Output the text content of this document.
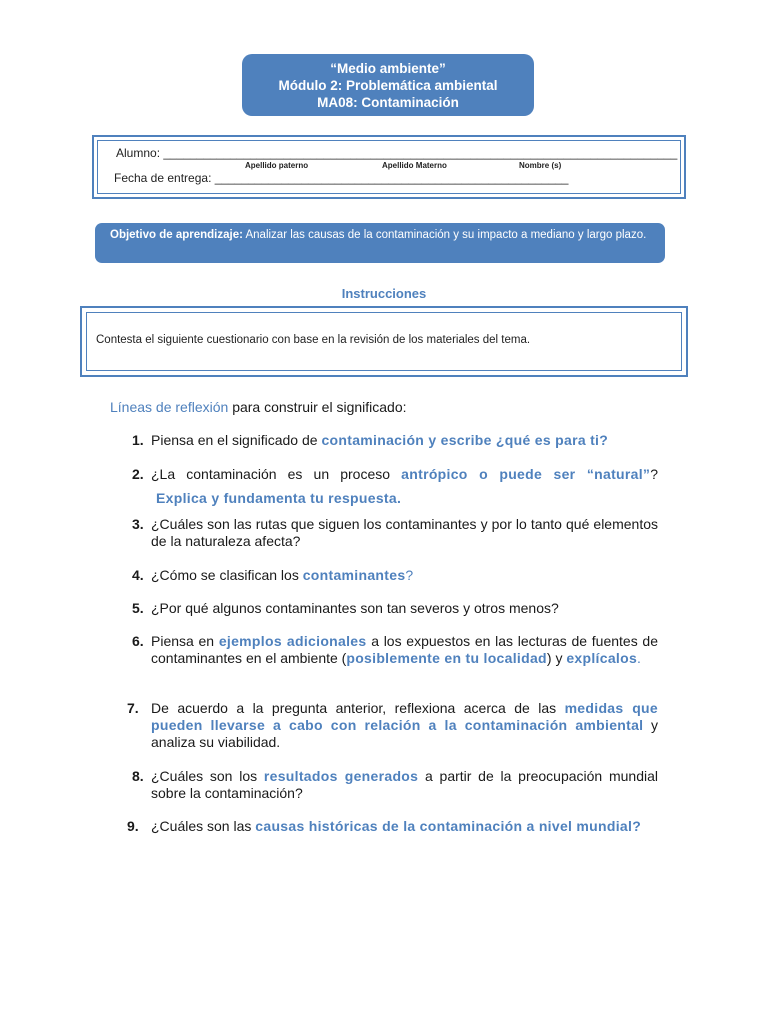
“Medio ambiente”
Módulo 2: Problemática ambiental
MA08: Contaminación
Alumno: _____________________________________________________________________________
Apellido paterno	Apellido Materno	Nombre (s)
Fecha de entrega: _____________________________________________________
Objetivo de aprendizaje: Analizar las causas de la contaminación y su impacto a mediano y largo plazo.
Instrucciones
Contesta el siguiente cuestionario con base en la revisión de los materiales del tema.
Líneas de reflexión para construir el significado:
1. Piensa en el significado de contaminación y escribe ¿qué es para ti?
2. ¿La contaminación es un proceso antrópico o puede ser “natural”?
Explica y fundamenta tu respuesta.
3. ¿Cuáles son las rutas que siguen los contaminantes y por lo tanto qué elementos de la naturaleza afecta?
4. ¿Cómo se clasifican los contaminantes?
5. ¿Por qué algunos contaminantes son tan severos y otros menos?
6. Piensa en ejemplos adicionales a los expuestos en las lecturas de fuentes de contaminantes en el ambiente (posiblemente en tu localidad) y explícalos.
7. De acuerdo a la pregunta anterior, reflexiona acerca de las medidas que pueden llevarse a cabo con relación a la contaminación ambiental y analiza su viabilidad.
8. ¿Cuáles son los resultados generados a partir de la preocupación mundial sobre la contaminación?
9. ¿Cuáles son las causas históricas de la contaminación a nivel mundial?
